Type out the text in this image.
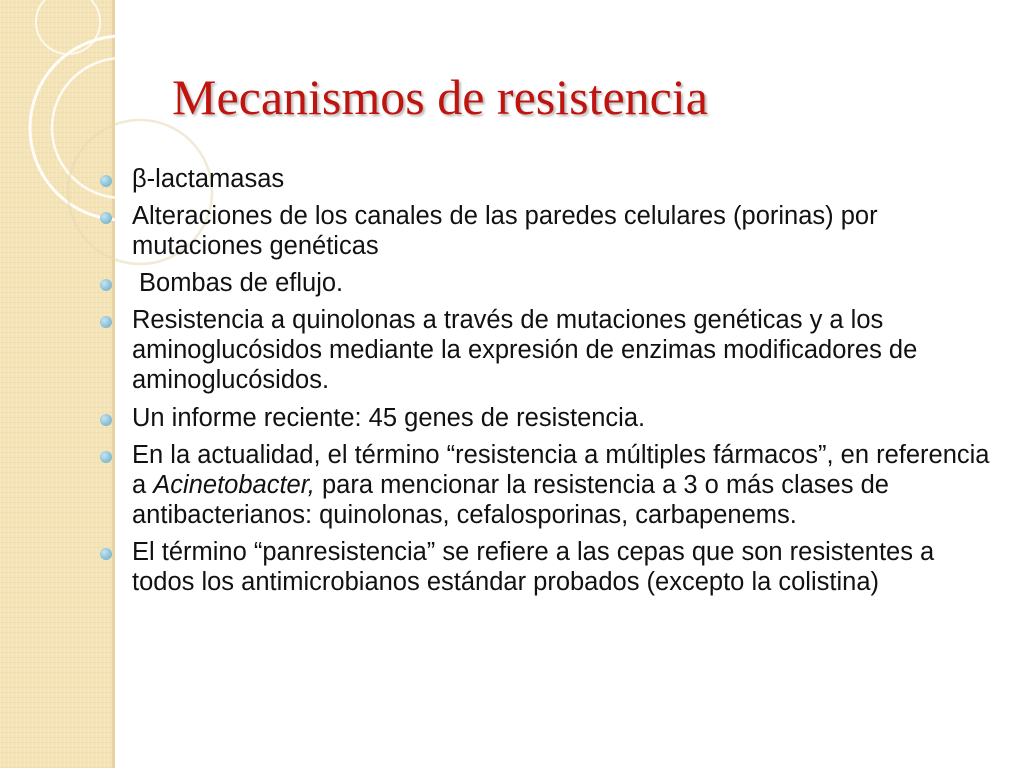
Mecanismos de resistencia
β-lactamasas
Alteraciones de los canales de las paredes celulares (porinas) por mutaciones genéticas
Bombas de eflujo.
Resistencia a quinolonas a través de mutaciones genéticas y a los aminoglucósidos mediante la expresión de enzimas modificadores de aminoglucósidos.
Un informe reciente: 45 genes de resistencia.
En la actualidad, el término “resistencia a múltiples fármacos”, en referencia a Acinetobacter, para mencionar la resistencia a 3 o más clases de antibacterianos: quinolonas, cefalosporinas, carbapenems.
El término “panresistencia” se refiere a las cepas que son resistentes a todos los antimicrobianos estándar probados (excepto la colistina)
